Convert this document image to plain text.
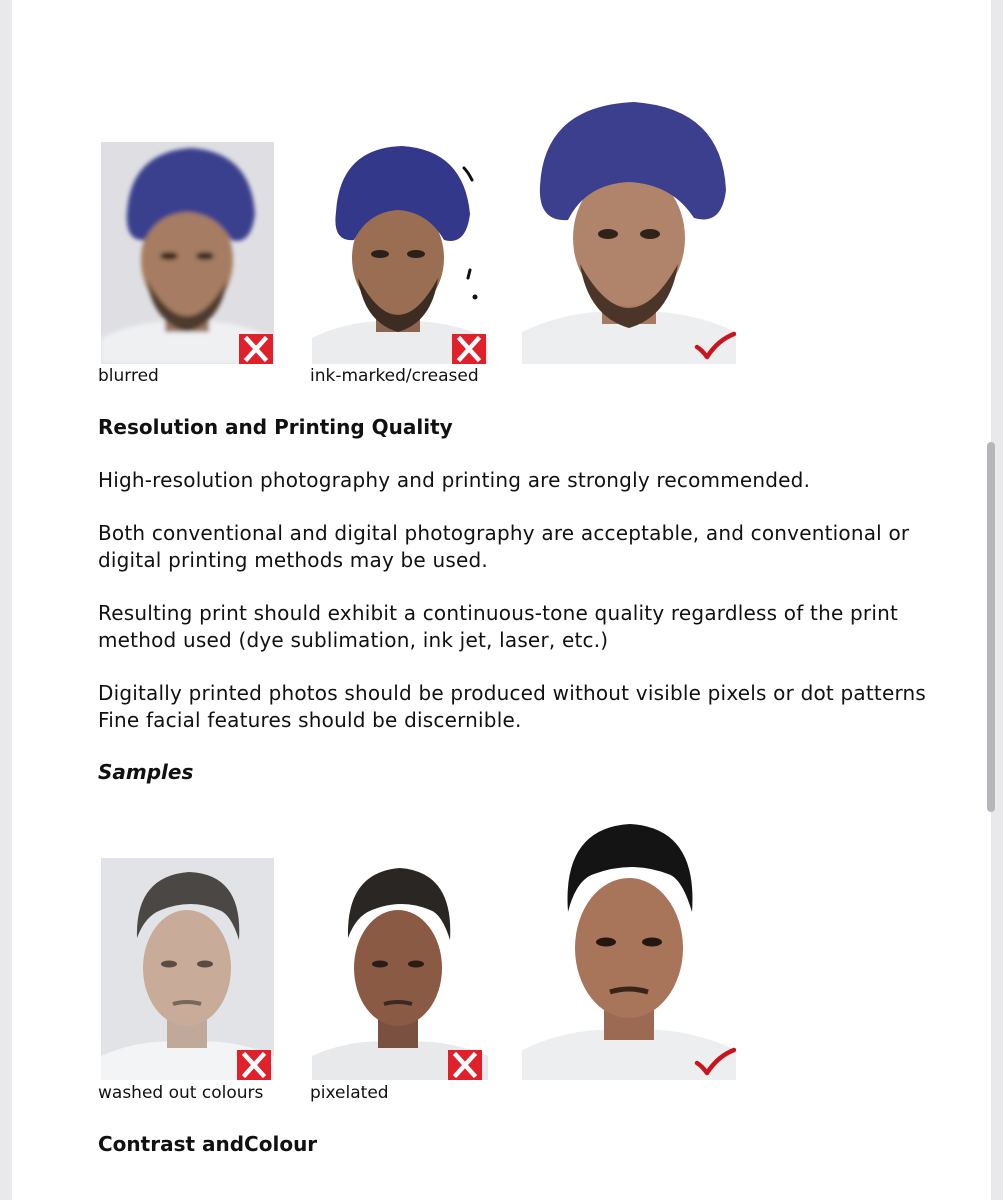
blurred	ink-marked/creased
Resolution and Printing Quality

High-resolution photography and printing are strongly recommended.

Both conventional and digital photography are acceptable, and conventional or
digital printing methods may be used.

Resulting print should exhibit a continuous-tone quality regardless of the print
method used (dye sublimation, ink jet, laser, etc.)

Digitally printed photos should be produced without visible pixels or dot patterns
Fine facial features should be discernible.

Samples
washed out colours	pixelated
Contrast and​Colour
